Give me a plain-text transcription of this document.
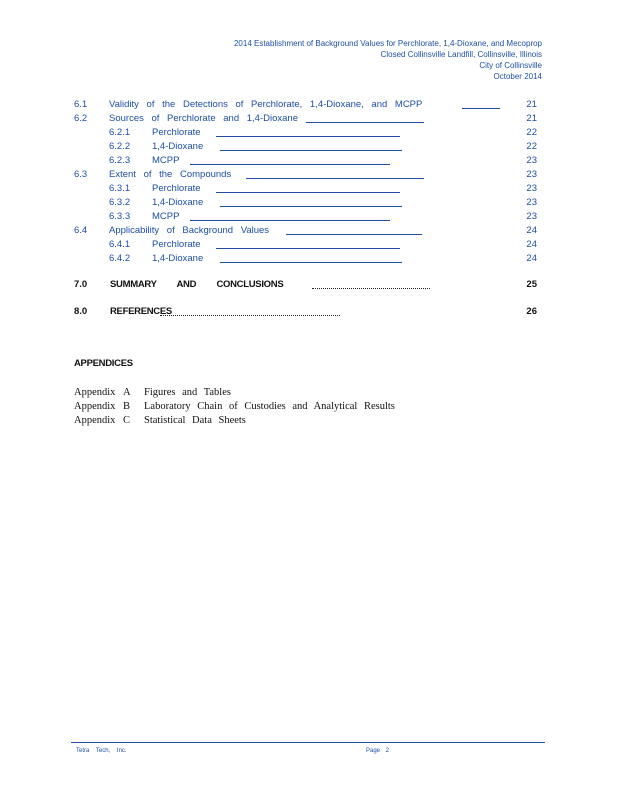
2014 Establishment of Background Values for Perchlorate, 1,4-Dioxane, and Mecoprop
Closed Collinsville Landfill, Collinsville, Illinois
City of Collinsville
October 2014
6.1 Validity of the Detections of Perchlorate, 1,4-Dioxane, and MCPP	21
6.2 Sources of Perchlorate and 1,4-Dioxane	21
6.2.1 Perchlorate	22
6.2.2 1,4-Dioxane	22
6.2.3 MCPP	23
6.3 Extent of the Compounds	23
6.3.1 Perchlorate	23
6.3.2 1,4-Dioxane	23
6.3.3 MCPP	23
6.4 Applicability of Background Values	24
6.4.1 Perchlorate	24
6.4.2 1,4-Dioxane	24
7.0 SUMMARY AND CONCLUSIONS	25
8.0 REFERENCES	26
APPENDICES
Appendix A Figures and Tables
Appendix B Laboratory Chain of Custodies and Analytical Results
Appendix C Statistical Data Sheets
Tetra Tech, Inc.	Page 2
